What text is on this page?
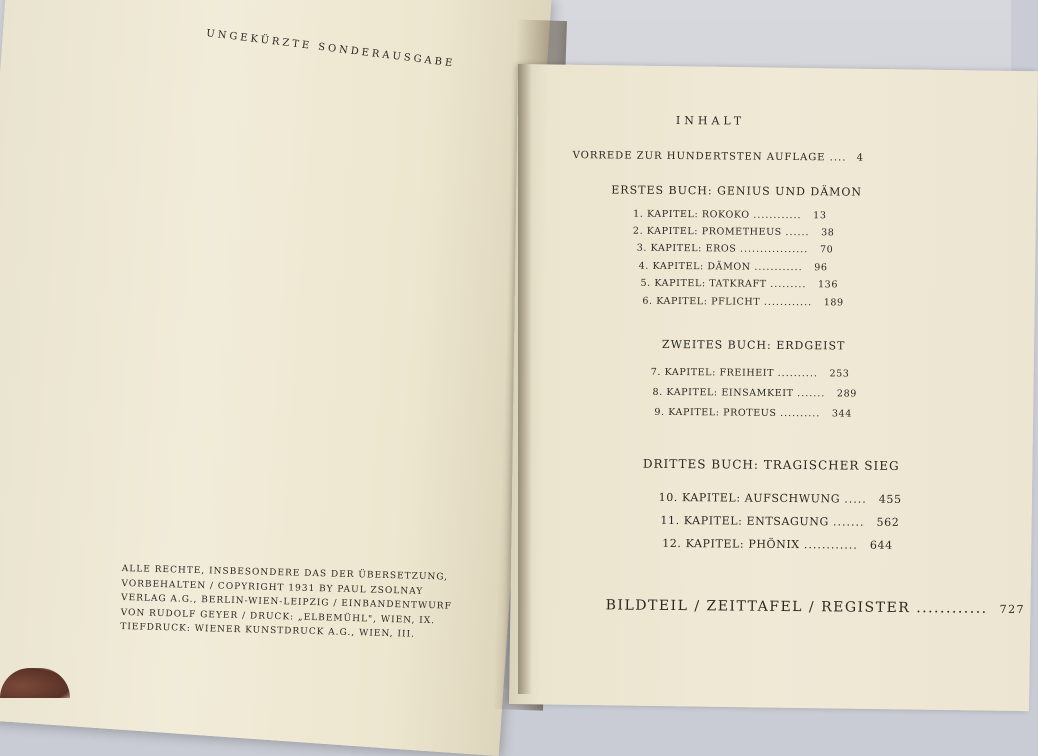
UNGEKÜRZTE SONDERAUSGABE
ALLE RECHTE, INSBESONDERE DAS DER ÜBERSETZUNG,
VORBEHALTEN / COPYRIGHT 1931 BY PAUL ZSOLNAY
VERLAG A.G., BERLIN-WIEN-LEIPZIG / EINBANDENTWURF
VON RUDOLF GEYER / DRUCK: „ELBEMÜHL", WIEN, IX.
TIEFDRUCK: WIENER KUNSTDRUCK A.G., WIEN, III.
INHALT
VORREDE ZUR HUNDERTSTEN AUFLAGE .... 4
ERSTES BUCH: GENIUS UND DÄMON
1. KAPITEL: ROKOKO ............ 13
2. KAPITEL: PROMETHEUS ...... 38
3. KAPITEL: EROS ................. 70
4. KAPITEL: DÄMON ............ 96
5. KAPITEL: TATKRAFT ......... 136
6. KAPITEL: PFLICHT ............ 189
ZWEITES BUCH: ERDGEIST
7. KAPITEL: FREIHEIT .......... 253
8. KAPITEL: EINSAMKEIT ....... 289
9. KAPITEL: PROTEUS .......... 344
DRITTES BUCH: TRAGISCHER SIEG
10. KAPITEL: AUFSCHWUNG ..... 455
11. KAPITEL: ENTSAGUNG ....... 562
12. KAPITEL: PHÖNIX ............ 644
BILDTEIL / ZEITTAFEL / REGISTER ............ 727
